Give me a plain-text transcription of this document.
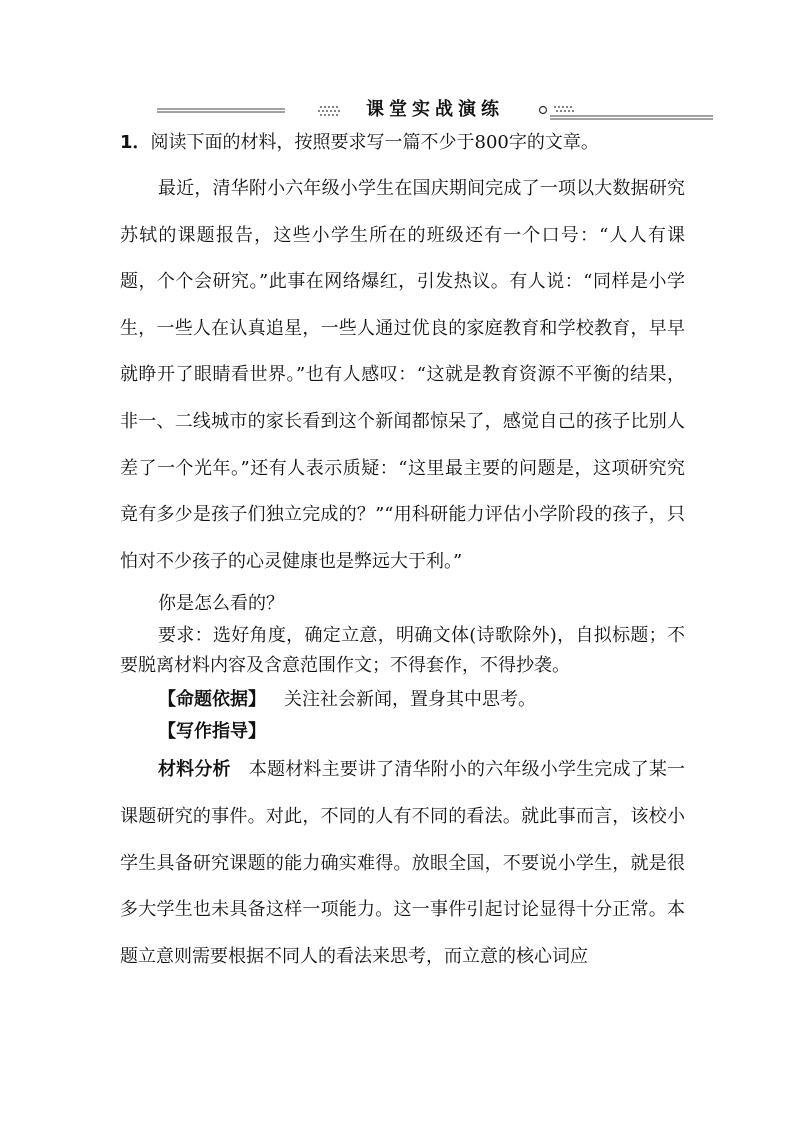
课堂实战演练

1．阅读下面的材料，按照要求写一篇不少于800字的文章。

最近，清华附小六年级小学生在国庆期间完成了一项以大数据研究苏轼的课题报告，这些小学生所在的班级还有一个口号：“人人有课题，个个会研究。”此事在网络爆红，引发热议。有人说：“同样是小学生，一些人在认真追星，一些人通过优良的家庭教育和学校教育，早早就睁开了眼睛看世界。”也有人感叹：“这就是教育资源不平衡的结果，非一、二线城市的家长看到这个新闻都惊呆了，感觉自己的孩子比别人差了一个光年。”还有人表示质疑：“这里最主要的问题是，这项研究究竟有多少是孩子们独立完成的？”“用科研能力评估小学阶段的孩子，只怕对不少孩子的心灵健康也是弊远大于利。”

你是怎么看的？

要求：选好角度，确定立意，明确文体(诗歌除外)，自拟标题；不要脱离材料内容及含意范围作文；不得套作，不得抄袭。

【命题依据】  关注社会新闻，置身其中思考。

【写作指导】

材料分析  本题材料主要讲了清华附小的六年级小学生完成了某一课题研究的事件。对此，不同的人有不同的看法。就此事而言，该校小学生具备研究课题的能力确实难得。放眼全国，不要说小学生，就是很多大学生也未具备这样一项能力。这一事件引起讨论显得十分正常。本题立意则需要根据不同人的看法来思考，而立意的核心词应
